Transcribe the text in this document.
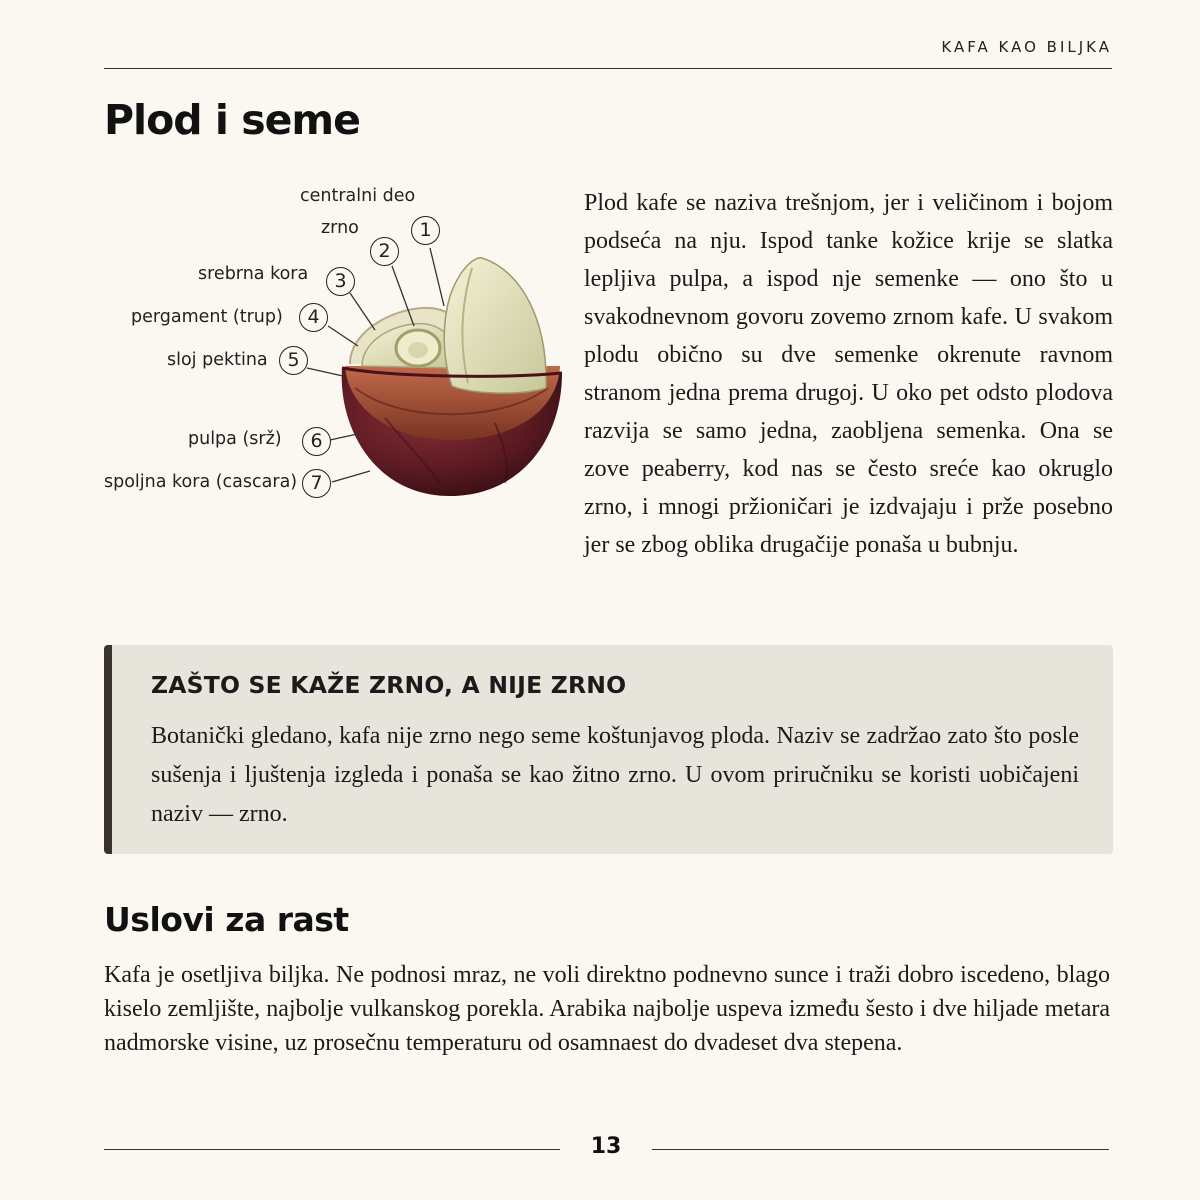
KAFA KAO BILJKA
Plod i seme
centralni deo
1
zrno
2
srebrna kora	3
pergament (trup)	4
sloj pektina	5
pulpa (srž)	6
spoljna kora (cascara) 7

Plod kafe se naziva trešnjom, jer i veličinom i bojom podseća na nju. Ispod tanke kožice krije se slatka lepljiva pulpa, a ispod nje semenke — ono što u svakodnevnom govoru zovemo zrnom kafe. U svakom plodu obično su dve semenke okrenute ravnom stranom jedna prema drugoj. U oko pet odsto plodova razvija se samo jedna, zaobljena semenka. Ona se zove peaberry, kod nas se često sreće kao okruglo zrno, i mnogi pržioničari je izdvajaju i prže posebno jer se zbog oblika drugačije ponaša u bubnju.

ZAŠTO SE KAŽE ZRNO, A NIJE ZRNO

Botanički gledano, kafa nije zrno nego seme koštunjavog ploda. Naziv se zadržao zato što posle sušenja i ljuštenja izgleda i ponaša se kao žitno zrno. U ovom priručniku se koristi uobičajeni naziv — zrno.

Uslovi za rast

Kafa je osetljiva biljka. Ne podnosi mraz, ne voli direktno podnevno sunce i traži dobro iscedeno, blago kiselo zemljište, najbolje vulkanskog porekla. Arabika najbolje uspeva između šesto i dve hiljade metara nadmorske visine, uz prosečnu temperaturu od osamnaest do dvadeset dva stepena.

13
